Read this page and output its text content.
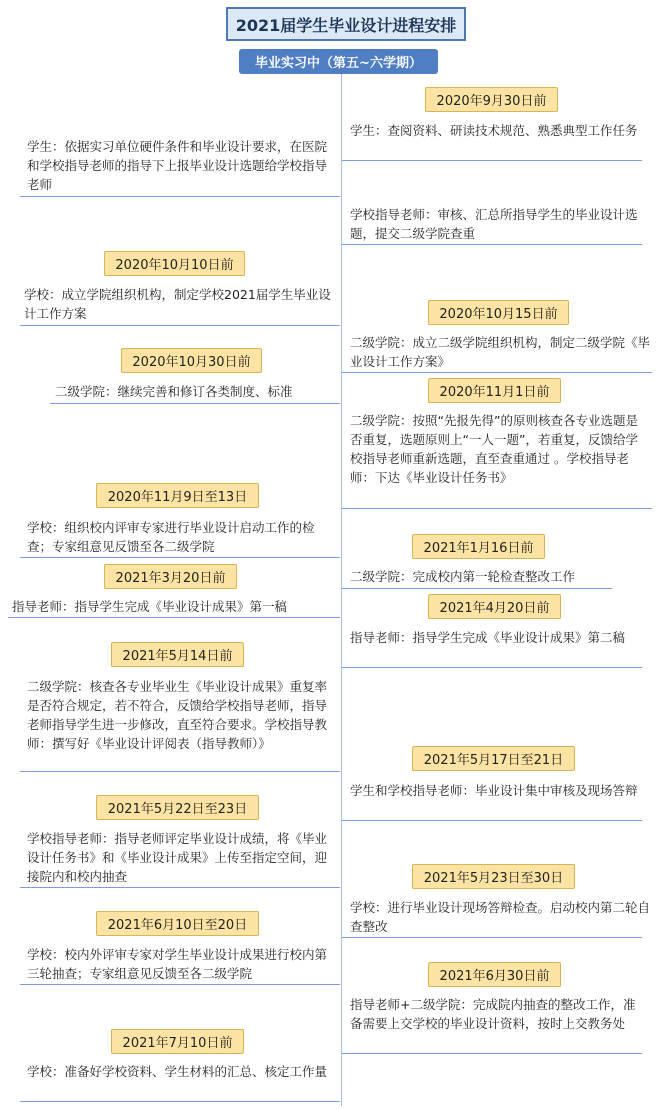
2021届学生毕业设计进程安排
毕业实习中（第五~六学期）
学生：依据实习单位硬件条件和毕业设计要求，在医院和学校指导老师的指导下上报毕业设计选题给学校指导老师
2020年10月10日前
学校：成立学院组织机构，制定学校2021届学生毕业设计工作方案
2020年10月30日前
二级学院：继续完善和修订各类制度、标准
2020年11月9日至13日
学校：组织校内评审专家进行毕业设计启动工作的检查；专家组意见反馈至各二级学院
2021年3月20日前
指导老师：指导学生完成《毕业设计成果》第一稿
2021年5月14日前
二级学院：核查各专业毕业生《毕业设计成果》重复率是否符合规定，若不符合，反馈给学校指导老师，指导老师指导学生进一步修改，直至符合要求。学校指导教师：撰写好《毕业设计评阅表（指导教师）》
2021年5月22日至23日
学校指导老师：指导老师评定毕业设计成绩，将《毕业设计任务书》和《毕业设计成果》上传至指定空间，迎接院内和校内抽查
2021年6月10日至20日
学校：校内外评审专家对学生毕业设计成果进行校内第三轮抽查；专家组意见反馈至各二级学院
2021年7月10日前
学校：准备好学校资料、学生材料的汇总、核定工作量
2020年9月30日前
学生：查阅资料、研读技术规范、熟悉典型工作任务
学校指导老师：审核、汇总所指导学生的毕业设计选题，提交二级学院查重
2020年10月15日前
二级学院：成立二级学院组织机构，制定二级学院《毕业设计工作方案》
2020年11月1日前
二级学院：按照“先报先得”的原则核查各专业选题是否重复，选题原则上“一人一题”，若重复，反馈给学校指导老师重新选题，直至查重通过 。学校指导老师：下达《毕业设计任务书》
2021年1月16日前
二级学院：完成校内第一轮检查整改工作
2021年4月20日前
指导老师：指导学生完成《毕业设计成果》第二稿
2021年5月17日至21日
学生和学校指导老师：毕业设计集中审核及现场答辩
2021年5月23日至30日
学校：进行毕业设计现场答辩检查。启动校内第二轮自查整改
2021年6月30日前
指导老师+二级学院：完成院内抽查的整改工作，准备需要上交学校的毕业设计资料，按时上交教务处
